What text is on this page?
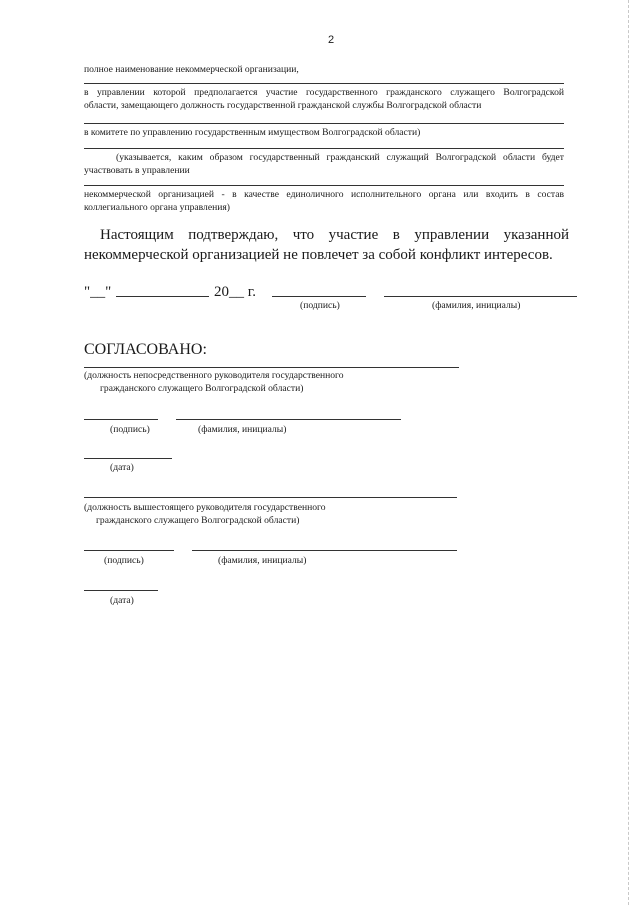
2
полное наименование некоммерческой организации,
в управлении которой предполагается участие государственного гражданского служащего Волгоградской
области, замещающего должность государственной гражданской службы Волгоградской области
в комитете по управлению государственным имуществом Волгоградской области)
(указывается, каким образом государственный гражданский служащий Волгоградской области будет
участвовать в управлении
некоммерческой организацией - в качестве единоличного исполнительного органа или входить в состав
коллегиального органа управления)
Настоящим подтверждаю, что участие в управлении указанной
некоммерческой организацией не повлечет за собой конфликт интересов.
"__"	20__ г.
(подпись)	(фамилия, инициалы)
СОГЛАСОВАНО:
(должность непосредственного руководителя государственного
гражданского служащего Волгоградской области)
(подпись)	(фамилия, инициалы)
(дата)
(должность вышестоящего руководителя государственного
гражданского служащего Волгоградской области)
(подпись)	(фамилия, инициалы)
(дата)
